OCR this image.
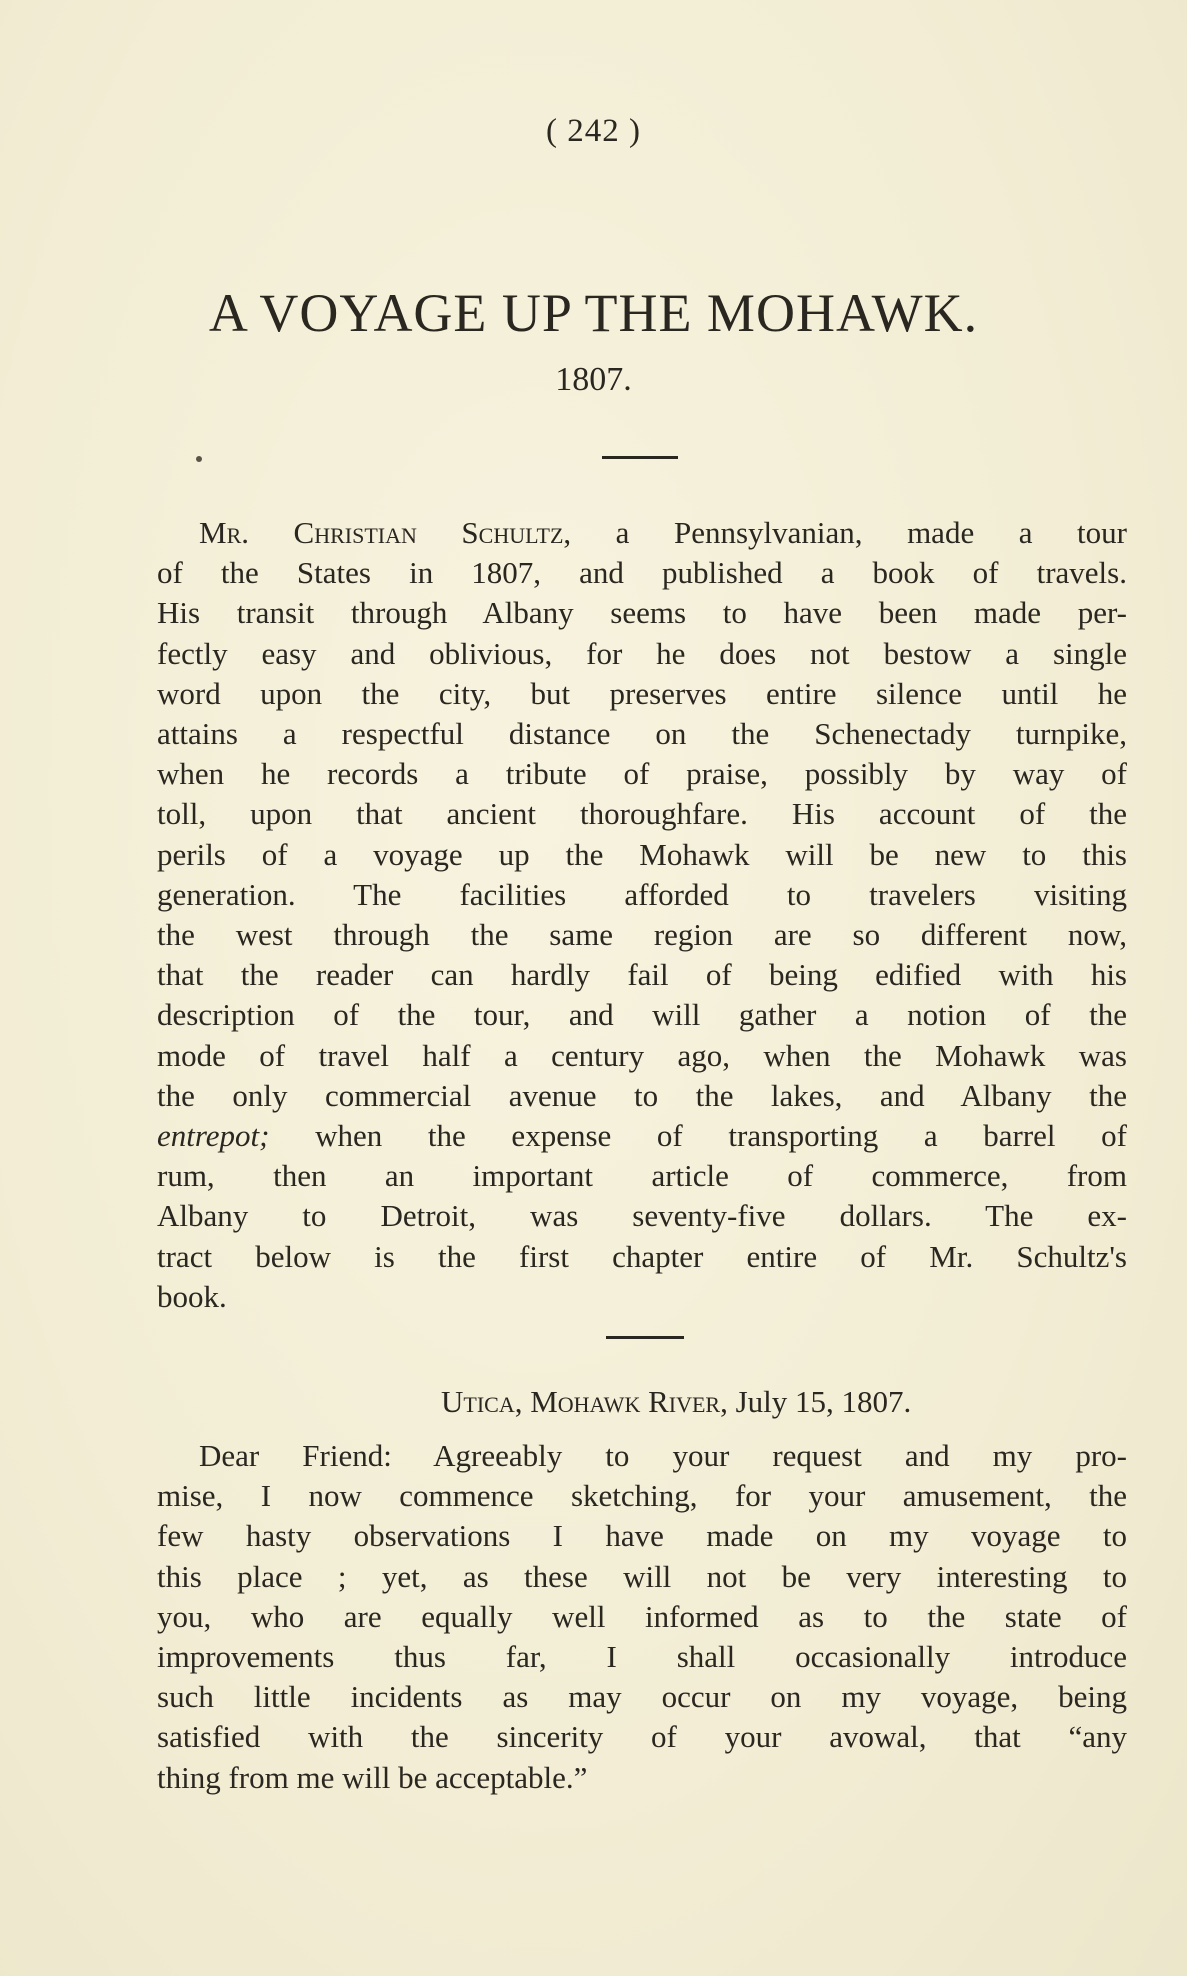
( 242 )
A VOYAGE UP THE MOHAWK.
1807.
Mr. Christian Schultz, a Pennsylvanian, made a tour
of the States in 1807, and published a book of travels.
His transit through Albany seems to have been made per-
fectly easy and oblivious, for he does not bestow a single
word upon the city, but preserves entire silence until he
attains a respectful distance on the Schenectady turnpike,
when he records a tribute of praise, possibly by way of
toll, upon that ancient thoroughfare. His account of the
perils of a voyage up the Mohawk will be new to this
generation. The facilities afforded to travelers visiting
the west through the same region are so different now,
that the reader can hardly fail of being edified with his
description of the tour, and will gather a notion of the
mode of travel half a century ago, when the Mohawk was
the only commercial avenue to the lakes, and Albany the
entrepot; when the expense of transporting a barrel of
rum, then an important article of commerce, from
Albany to Detroit, was seventy-five dollars. The ex-
tract below is the first chapter entire of Mr. Schultz's
book.
Utica, Mohawk River, July 15, 1807.
Dear Friend: Agreeably to your request and my pro-
mise, I now commence sketching, for your amusement, the
few hasty observations I have made on my voyage to
this place ; yet, as these will not be very interesting to
you, who are equally well informed as to the state of
improvements thus far, I shall occasionally introduce
such little incidents as may occur on my voyage, being
satisfied with the sincerity of your avowal, that “any
thing from me will be acceptable.”
